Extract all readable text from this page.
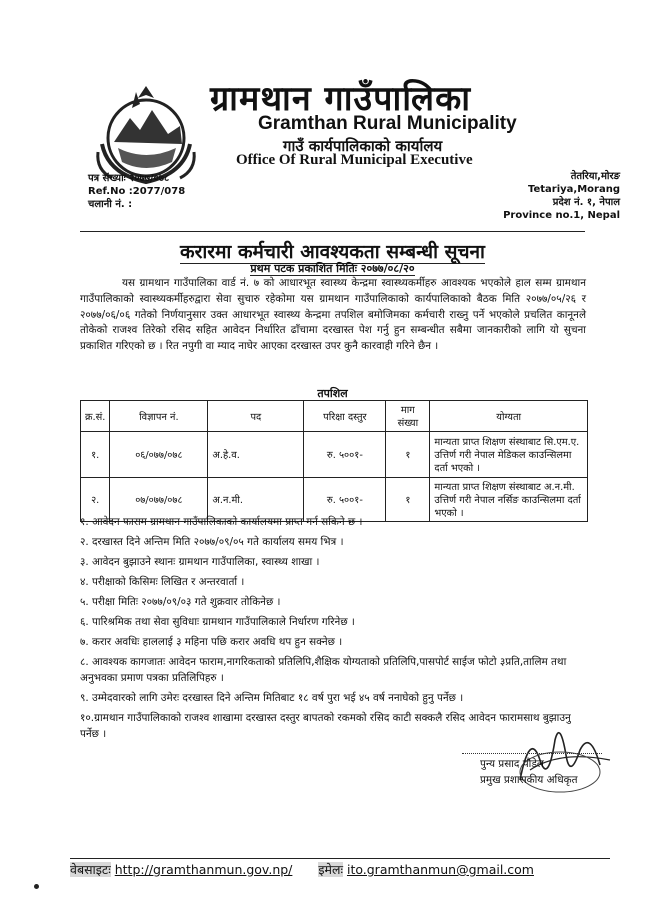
ग्रामथान गाउँपालिका
Gramthan Rural Municipality
गाउँ कार्यपालिकाको कार्यालय
Office Of Rural Municipal Executive
पत्र संख्याः २०७७/०७८
Ref.No :2077/078
चलानी नं. :
तेतरिया,मोरङ
Tetariya,Morang
प्रदेश नं. १, नेपाल
Province no.1, Nepal
करारमा कर्मचारी आवश्यकता सम्बन्धी सूचना
प्रथम पटक प्रकाशित मितिः २०७७/०८/२०
यस ग्रामथान गाउँपालिका वार्ड नं. ७ को आधारभूत स्वास्थ्य केन्द्रमा स्वास्थ्यकर्मीहरु आवश्यक भएकोले हाल सम्म ग्रामथान गाउँपालिकाको स्वास्थ्यकर्मीहरुद्वारा सेवा सुचारु रहेकोमा यस ग्रामथान गाउँपालिकाको कार्यपालिकाको बैठक मिति २०७७/०५/२६ र २०७७/०६/०६ गतेको निर्णयानुसार उक्त आधारभूत स्वास्थ्य केन्द्रमा तपशिल बमोजिमका कर्मचारी राख्नु पर्ने भएकोले प्रचलित कानूनले तोकेको राजश्व तिरेको रसिद सहित आवेदन निर्धारित ढाँचामा दरखास्त पेश गर्नु हुन सम्बन्धीत सबैमा जानकारीको लागि यो सुचना प्रकाशित गरिएको छ । रित नपुगी वा म्याद नाघेर आएका दरखास्त उपर कुनै कारवाही गरिने छैन ।
तपशिल
क्र.सं.	विज्ञापन नं.	पद	परिक्षा दस्तुर	माग संख्या	योग्यता
१.	०६/०७७/०७८	अ.हे.व.	रु. ५००१-	१	मान्यता प्राप्त शिक्षण संस्थाबाट सि.एम.ए. उत्तिर्ण गरी नेपाल मेडिकल काउन्सिलमा दर्ता भएको ।
२.	०७/०७७/०७८	अ.न.मी.	रु. ५००१-	१	मान्यता प्राप्त शिक्षण संस्थाबाट अ.न.मी. उत्तिर्ण गरी नेपाल नर्सिङ काउन्सिलमा दर्ता भएको ।
१. आवेदन फाराम ग्रामथान गाउँपालिकाको कार्यालयमा प्राप्त गर्न सकिने छ ।
२. दरखास्त दिने अन्तिम मिति २०७७/०९/०५ गते कार्यालय समय भित्र ।
३. आवेदन बुझाउने स्थानः ग्रामथान गाउँपालिका, स्वास्थ्य शाखा ।
४. परीक्षाको किसिमः लिखित र अन्तरवार्ता ।
५. परीक्षा मितिः २०७७/०९/०३ गते शुक्रवार तोकिनेछ ।
६. पारिश्रमिक तथा सेवा सुविधाः ग्रामथान गाउँपालिकाले निर्धारण गरिनेछ ।
७. करार अवधिः हाललाई ३ महिना पछि करार अवधि थप हुन सक्नेछ ।
८. आवश्यक कागजातः आवेदन फाराम,नागरिकताको प्रतिलिपि,शैक्षिक योग्यताको प्रतिलिपि,पासपोर्ट साईज फोटो ३प्रति,तालिम तथा अनुभवका प्रमाण पत्रका प्रतिलिपिहरु ।
९. उम्मेदवारको लागि उमेरः दरखास्त दिने अन्तिम मितिबाट १८ वर्ष पुरा भई ४५ वर्ष ननाघेको हुनु पर्नेछ ।
१०.ग्रामथान गाउँपालिकाको राजश्व शाखामा दरखास्त दस्तुर बापतको रकमको रसिद काटी सक्कलै रसिद आवेदन फारामसाथ बुझाउनु पर्नेछ ।
पुन्य प्रसाद पौडेल
प्रमुख प्रशासकीय अधिकृत
वेबसाइटः http://gramthanmun.gov.np/ इमेलः ito.gramthanmun@gmail.com
